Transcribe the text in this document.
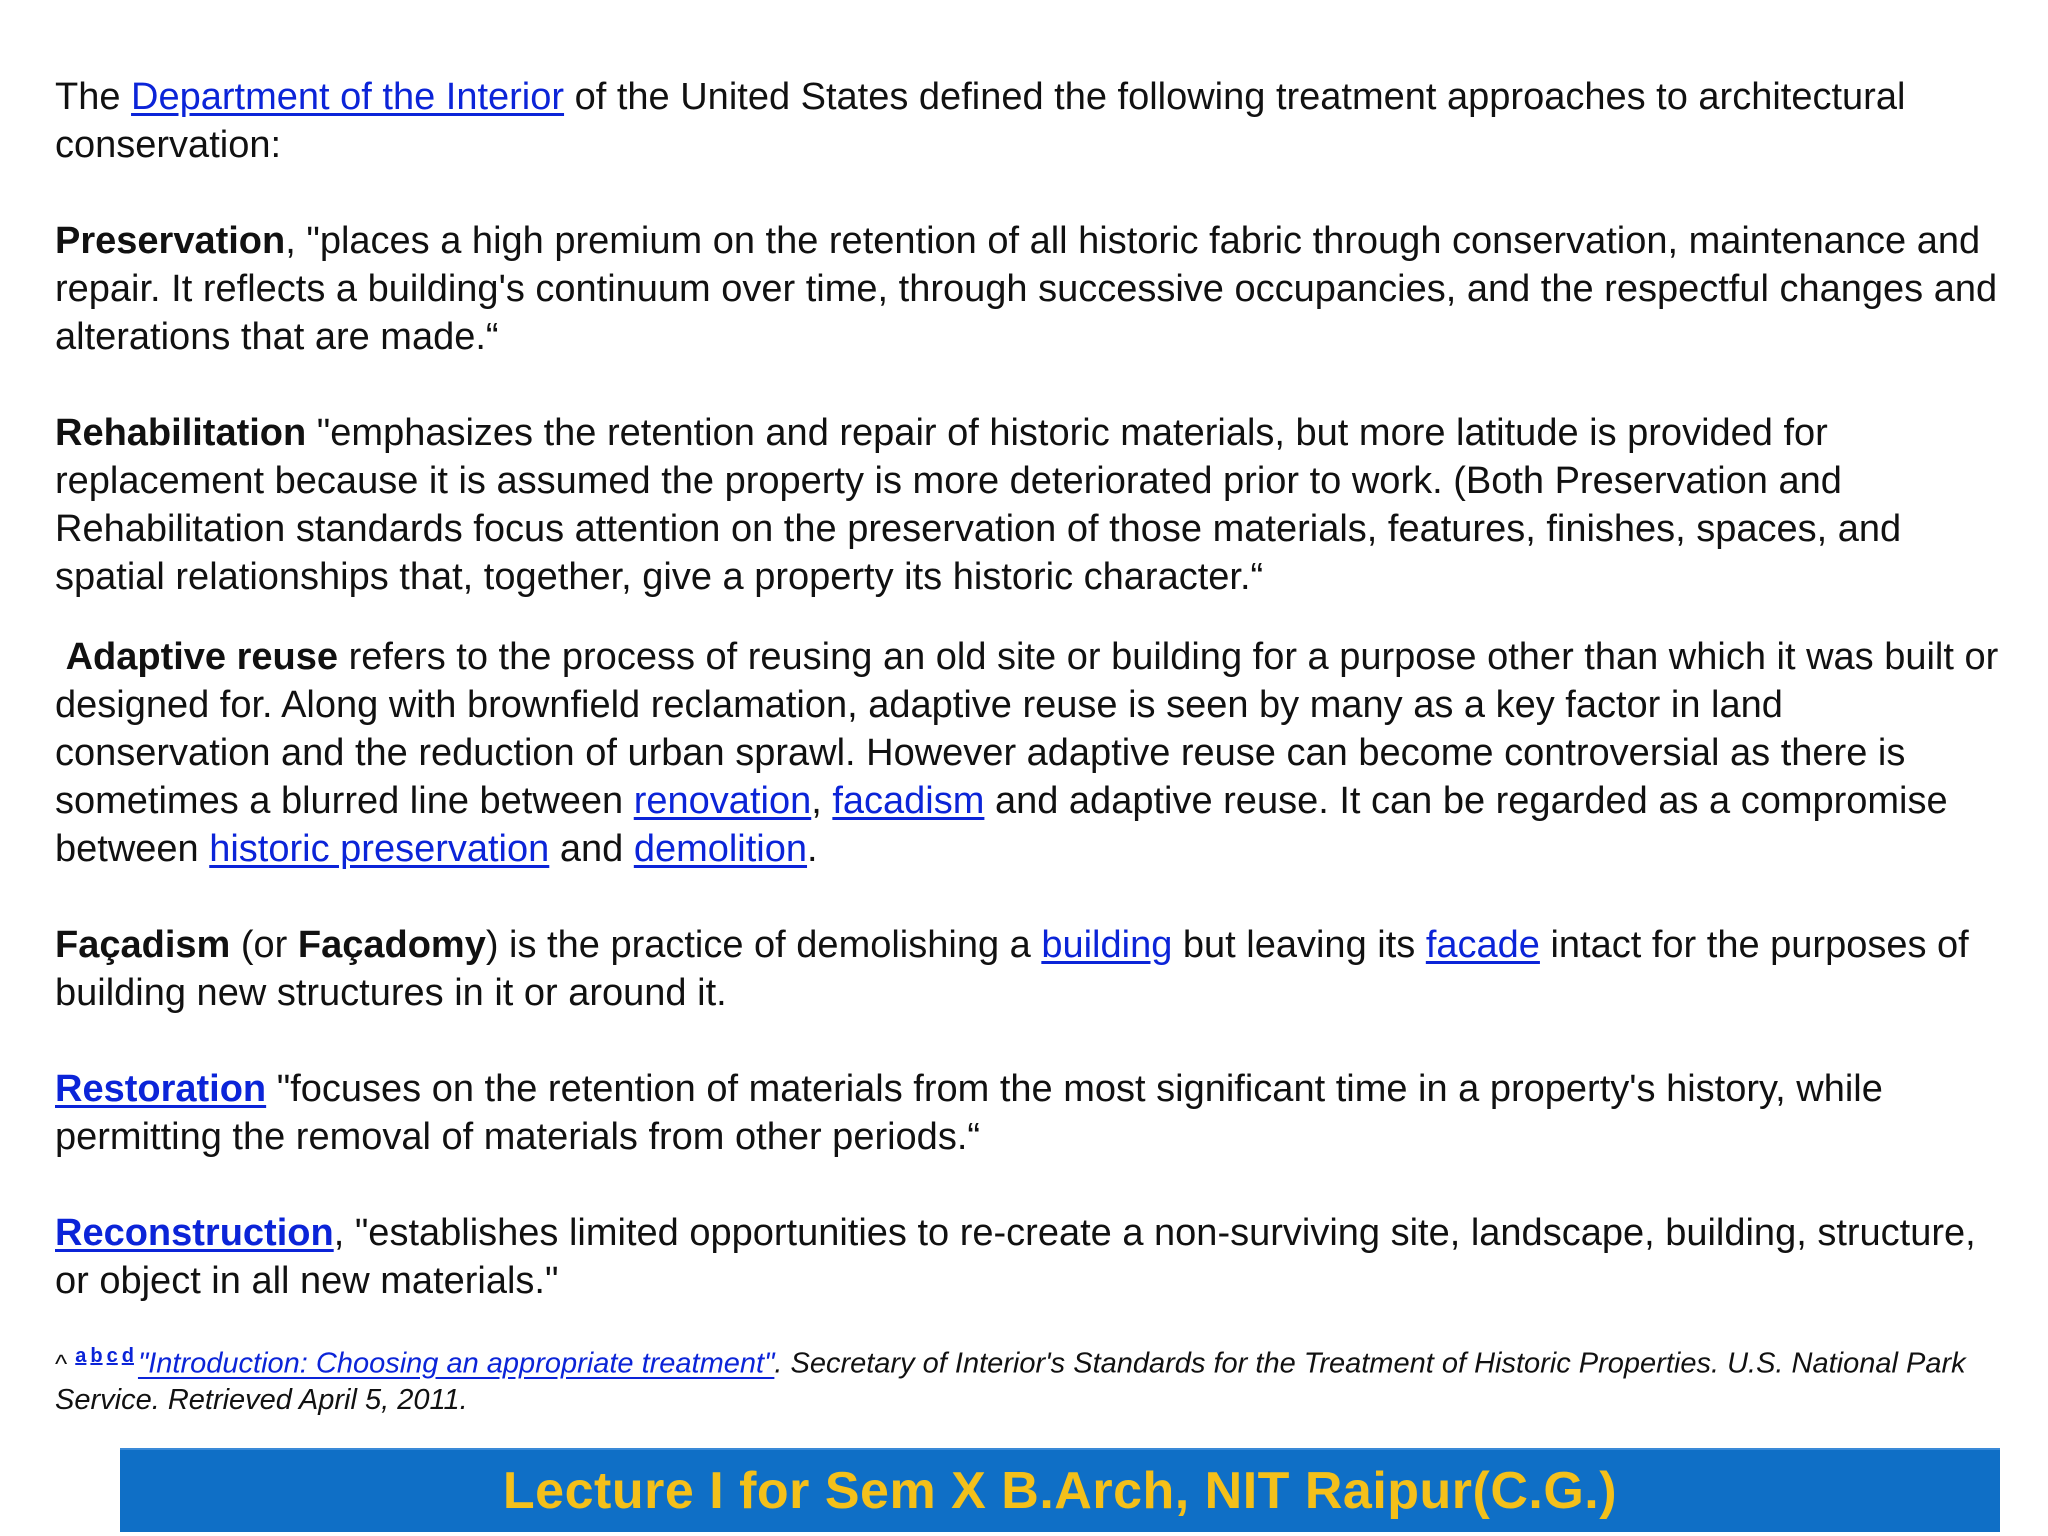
The Department of the Interior of the United States defined the following treatment approaches to architectural conservation:

Preservation, "places a high premium on the retention of all historic fabric through conservation, maintenance and repair. It reflects a building's continuum over time, through successive occupancies, and the respectful changes and alterations that are made.“

Rehabilitation "emphasizes the retention and repair of historic materials, but more latitude is provided for replacement because it is assumed the property is more deteriorated prior to work. (Both Preservation and Rehabilitation standards focus attention on the preservation of those materials, features, finishes, spaces, and spatial relationships that, together, give a property its historic character.“

Adaptive reuse refers to the process of reusing an old site or building for a purpose other than which it was built or designed for. Along with brownfield reclamation, adaptive reuse is seen by many as a key factor in land conservation and the reduction of urban sprawl. However adaptive reuse can become controversial as there is sometimes a blurred line between renovation, facadism and adaptive reuse. It can be regarded as a compromise between historic preservation and demolition.

Façadism (or Façadomy) is the practice of demolishing a building but leaving its facade intact for the purposes of building new structures in it or around it.

Restoration "focuses on the retention of materials from the most significant time in a property's history, while permitting the removal of materials from other periods.“

Reconstruction, "establishes limited opportunities to re-create a non-surviving site, landscape, building, structure, or object in all new materials."

^ $^{a b c d}$ "Introduction: Choosing an appropriate treatment". Secretary of Interior's Standards for the Treatment of Historic Properties. U.S. National Park Service. Retrieved April 5, 2011.

Lecture I for Sem X B.Arch, NIT Raipur(C.G.)
